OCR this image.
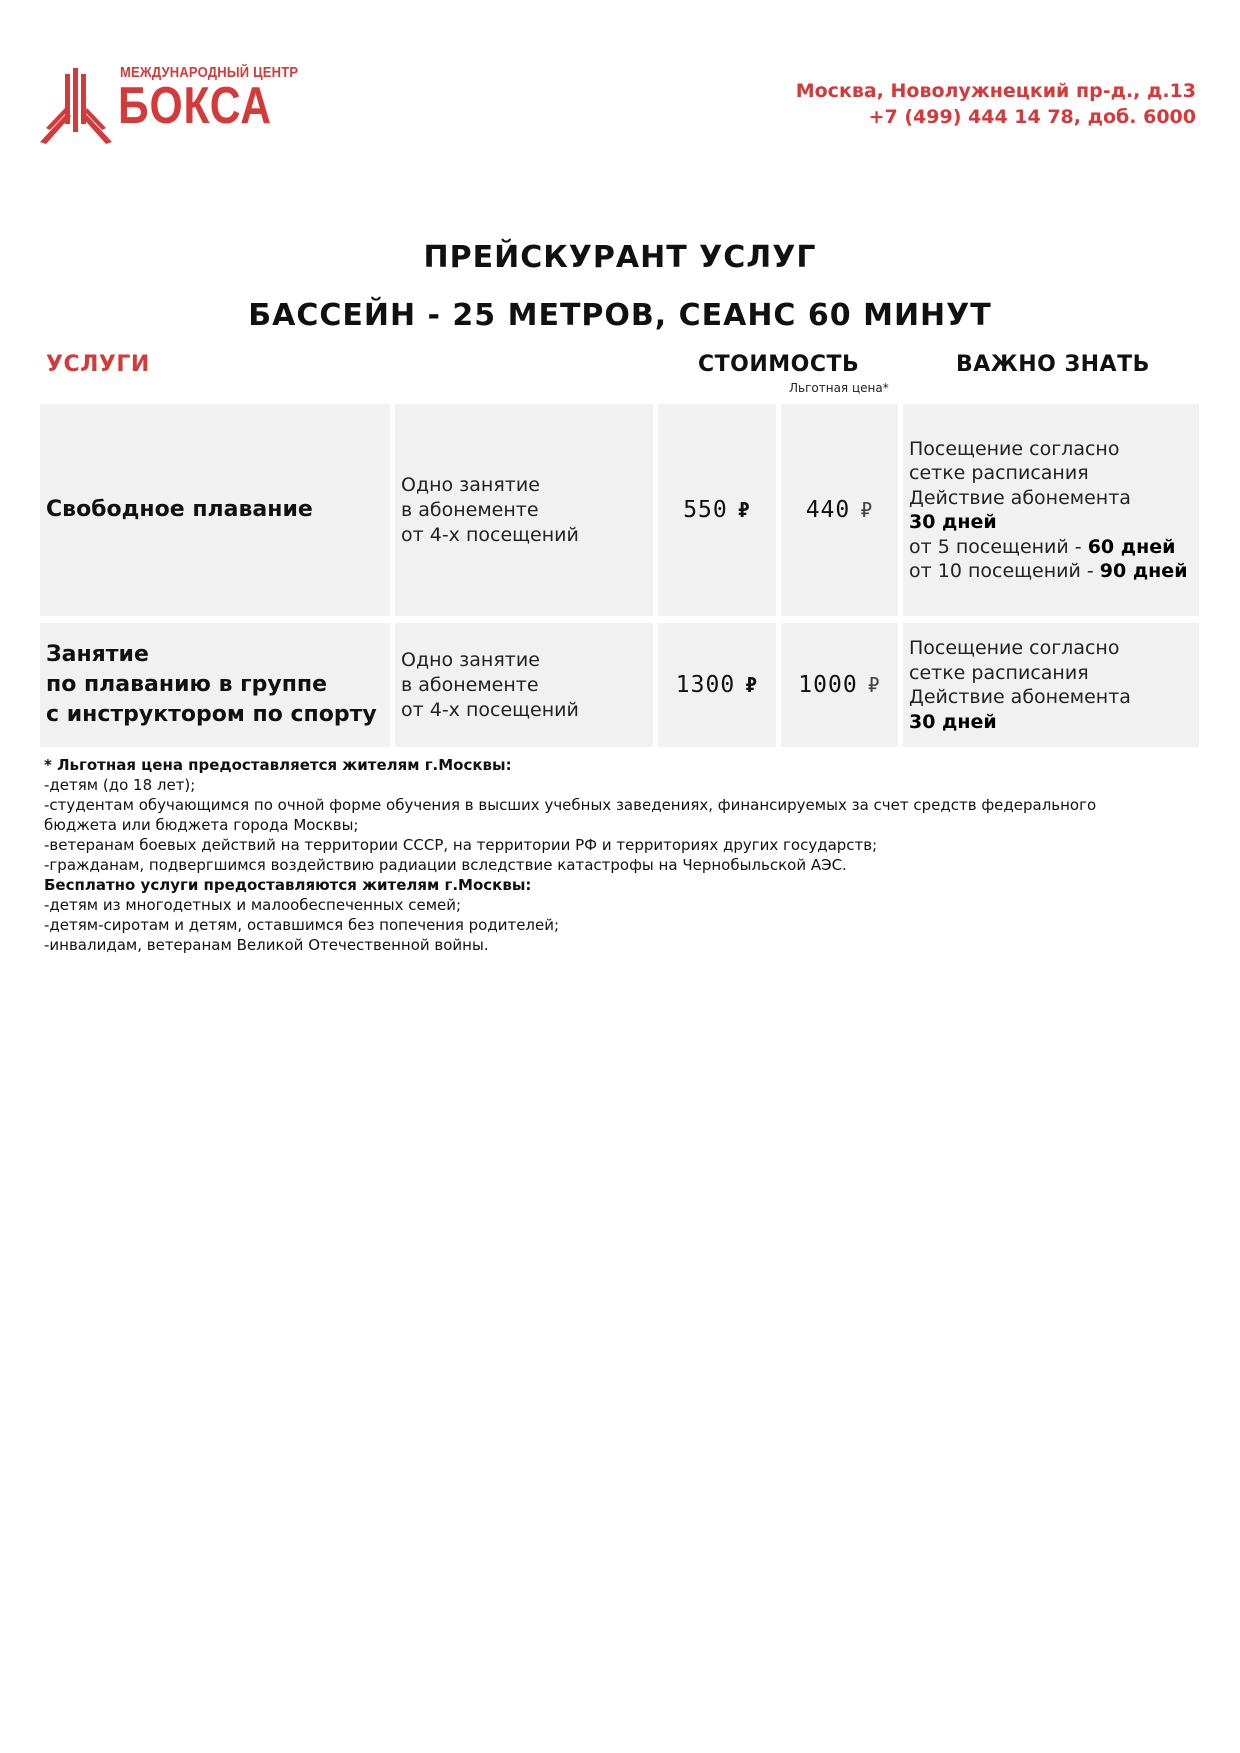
МЕЖДУНАРОДНЫЙ ЦЕНТР
БОКСА	Москва, Новолужнецкий пр-д., д.13
+7 (499) 444 14 78, доб. 6000
ПРЕЙСКУРАНТ УСЛУГ
БАССЕЙН - 25 МЕТРОВ, СЕАНС 60 МИНУТ
УСЛУГИ	СТОИМОСТЬ
Льготная цена*
ВАЖНО ЗНАТЬ
Свободное плавание
Одно занятие
в абонементе
от 4-х посещений
550 ₽ 440 ₽
Посещение согласно
сетке расписания
Действие абонемента
30 дней
от 5 посещений - 60 дней
от 10 посещений - 90 дней
Занятие
по плаванию в группе
с инструктором по спорту
Одно занятие
в абонементе
от 4-х посещений
1300 ₽ 1000 ₽
Посещение согласно
сетке расписания
Действие абонемента
30 дней
* Льготная цена предоставляется жителям г.Москвы:
-детям (до 18 лет);
-студентам обучающимся по очной форме обучения в высших учебных заведениях, финансируемых за счет средств федерального
бюджета или бюджета города Москвы;
-ветеранам боевых действий на территории СССР, на территории РФ и территориях других государств;
-гражданам, подвергшимся воздействию радиации вследствие катастрофы на Чернобыльской АЭС.
Бесплатно услуги предоставляются жителям г.Москвы:
-детям из многодетных и малообеспеченных семей;
-детям-сиротам и детям, оставшимся без попечения родителей;
-инвалидам, ветеранам Великой Отечественной войны.
